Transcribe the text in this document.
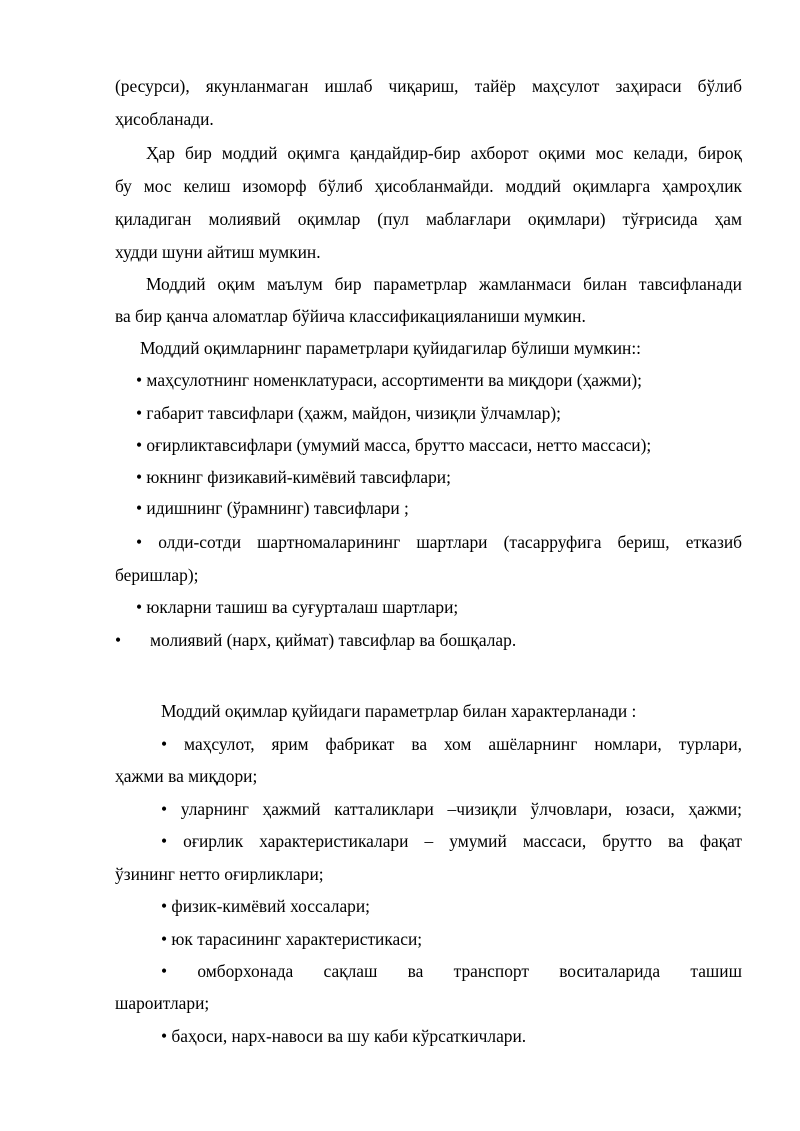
(ресурси), якунланмаган ишлаб чиқариш, тайёр маҳсулот заҳираси бўлиб
ҳисобланади.
Ҳар бир моддий оқимга қандайдир-бир ахборот оқими мос келади, бироқ
бу мос келиш изоморф бўлиб ҳисобланмайди. моддий оқимларга ҳамроҳлик
қиладиган молиявий оқимлар (пул маблағлари оқимлари) тўғрисида ҳам
худди шуни айтиш мумкин.
Моддий оқим маълум бир параметрлар жамланмаси билан тавсифланади
ва бир қанча аломатлар бўйича классификацияланиши мумкин.
Моддий оқимларнинг параметрлари қуйидагилар бўлиши мумкин::
• маҳсулотнинг номенклатураси, ассортименти ва миқдори (ҳажми);
• габарит тавсифлари (ҳажм, майдон, чизиқли ўлчамлар);
• оғирликтавсифлари (умумий масса, брутто массаси, нетто массаси);
• юкнинг физикавий-кимёвий тавсифлари;
• идишнинг (ўрамнинг) тавсифлари ;
• олди-сотди шартномаларининг шартлари (тасарруфига бериш, етказиб
беришлар);
• юкларни ташиш ва суғурталаш шартлари;
• молиявий (нарх, қиймат) тавсифлар ва бошқалар.
Моддий оқимлар қуйидаги параметрлар билан характерланади :
• маҳсулот, ярим фабрикат ва хом ашёларнинг номлари, турлари,
ҳажми ва миқдори;
• уларнинг ҳажмий катталиклари –чизиқли ўлчовлари, юзаси, ҳажми;
• оғирлик характеристикалари – умумий массаси, брутто ва фақат
ўзининг нетто оғирликлари;
• физик-кимёвий хоссалари;
• юк тарасининг характеристикаси;
• омборхонада сақлаш ва транспорт воситаларида ташиш
шароитлари;
• баҳоси, нарх-навоси ва шу каби кўрсаткичлари.
